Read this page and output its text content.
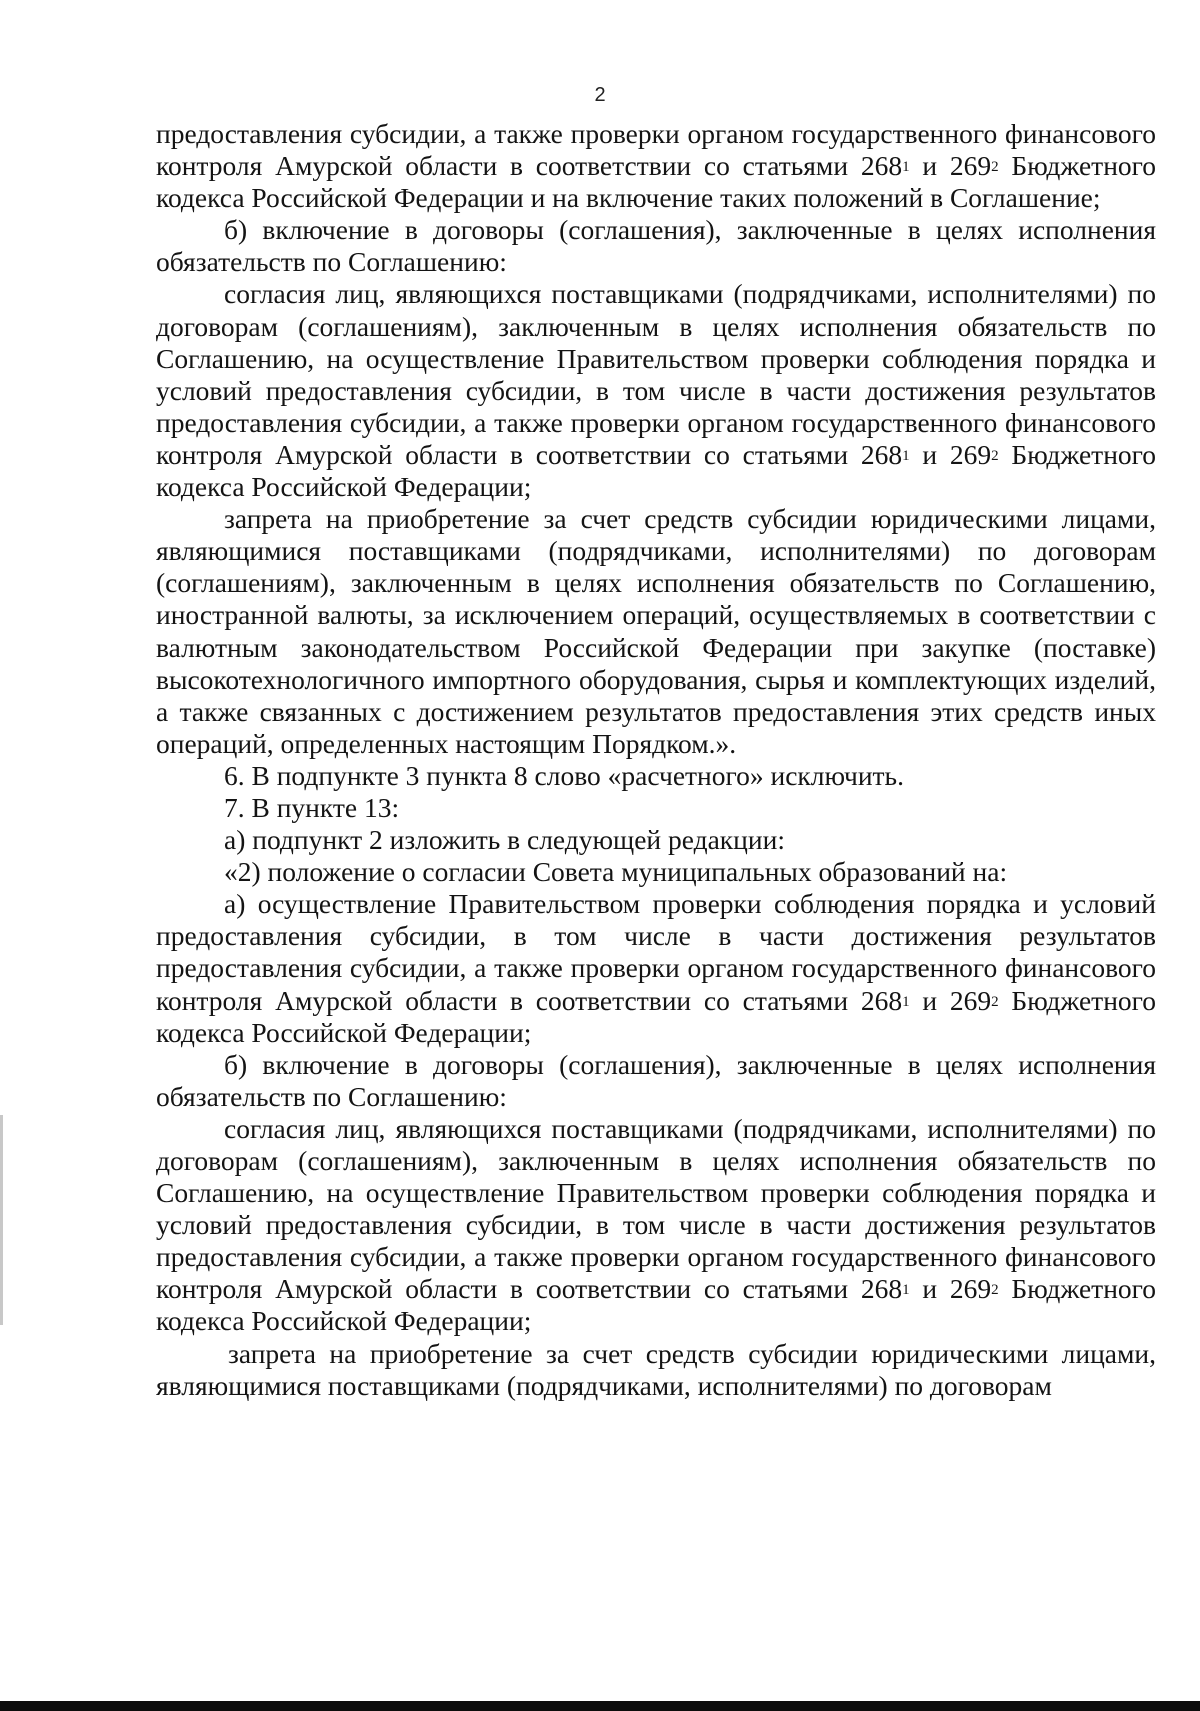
2

предоставления субсидии, а также проверки органом государственного финансового контроля Амурской области в соответствии со статьями $268^1$ и $269^2$ Бюджетного кодекса Российской Федерации и на включение таких положений в Соглашение;

б) включение в договоры (соглашения), заключенные в целях исполнения обязательств по Соглашению:

согласия лиц, являющихся поставщиками (подрядчиками, исполнителями) по договорам (соглашениям), заключенным в целях исполнения обязательств по Соглашению, на осуществление Правительством проверки соблюдения порядка и условий предоставления субсидии, в том числе в части достижения результатов предоставления субсидии, а также проверки органом государственного финансового контроля Амурской области в соответствии со статьями $268^1$ и $269^2$ Бюджетного кодекса Российской Федерации;

запрета на приобретение за счет средств субсидии юридическими лицами, являющимися поставщиками (подрядчиками, исполнителями) по договорам (соглашениям), заключенным в целях исполнения обязательств по Соглашению, иностранной валюты, за исключением операций, осуществляемых в соответствии с валютным законодательством Российской Федерации при закупке (поставке) высокотехнологичного импортного оборудования, сырья и комплектующих изделий, а также связанных с достижением результатов предоставления этих средств иных операций, определенных настоящим Порядком.».

6. В подпункте 3 пункта 8 слово «расчетного» исключить.

7. В пункте 13:

а) подпункт 2 изложить в следующей редакции:

«2) положение о согласии Совета муниципальных образований на:

а) осуществление Правительством проверки соблюдения порядка и условий предоставления субсидии, в том числе в части достижения результатов предоставления субсидии, а также проверки органом государственного финансового контроля Амурской области в соответствии со статьями $268^1$ и $269^2$ Бюджетного кодекса Российской Федерации;

б) включение в договоры (соглашения), заключенные в целях исполнения обязательств по Соглашению:

согласия лиц, являющихся поставщиками (подрядчиками, исполнителями) по договорам (соглашениям), заключенным в целях исполнения обязательств по Соглашению, на осуществление Правительством проверки соблюдения порядка и условий предоставления субсидии, в том числе в части достижения результатов предоставления субсидии, а также проверки органом государственного финансового контроля Амурской области в соответствии со статьями $268^1$ и $269^2$ Бюджетного кодекса Российской Федерации;

запрета на приобретение за счет средств субсидии юридическими лицами, являющимися поставщиками (подрядчиками, исполнителями) по договорам
